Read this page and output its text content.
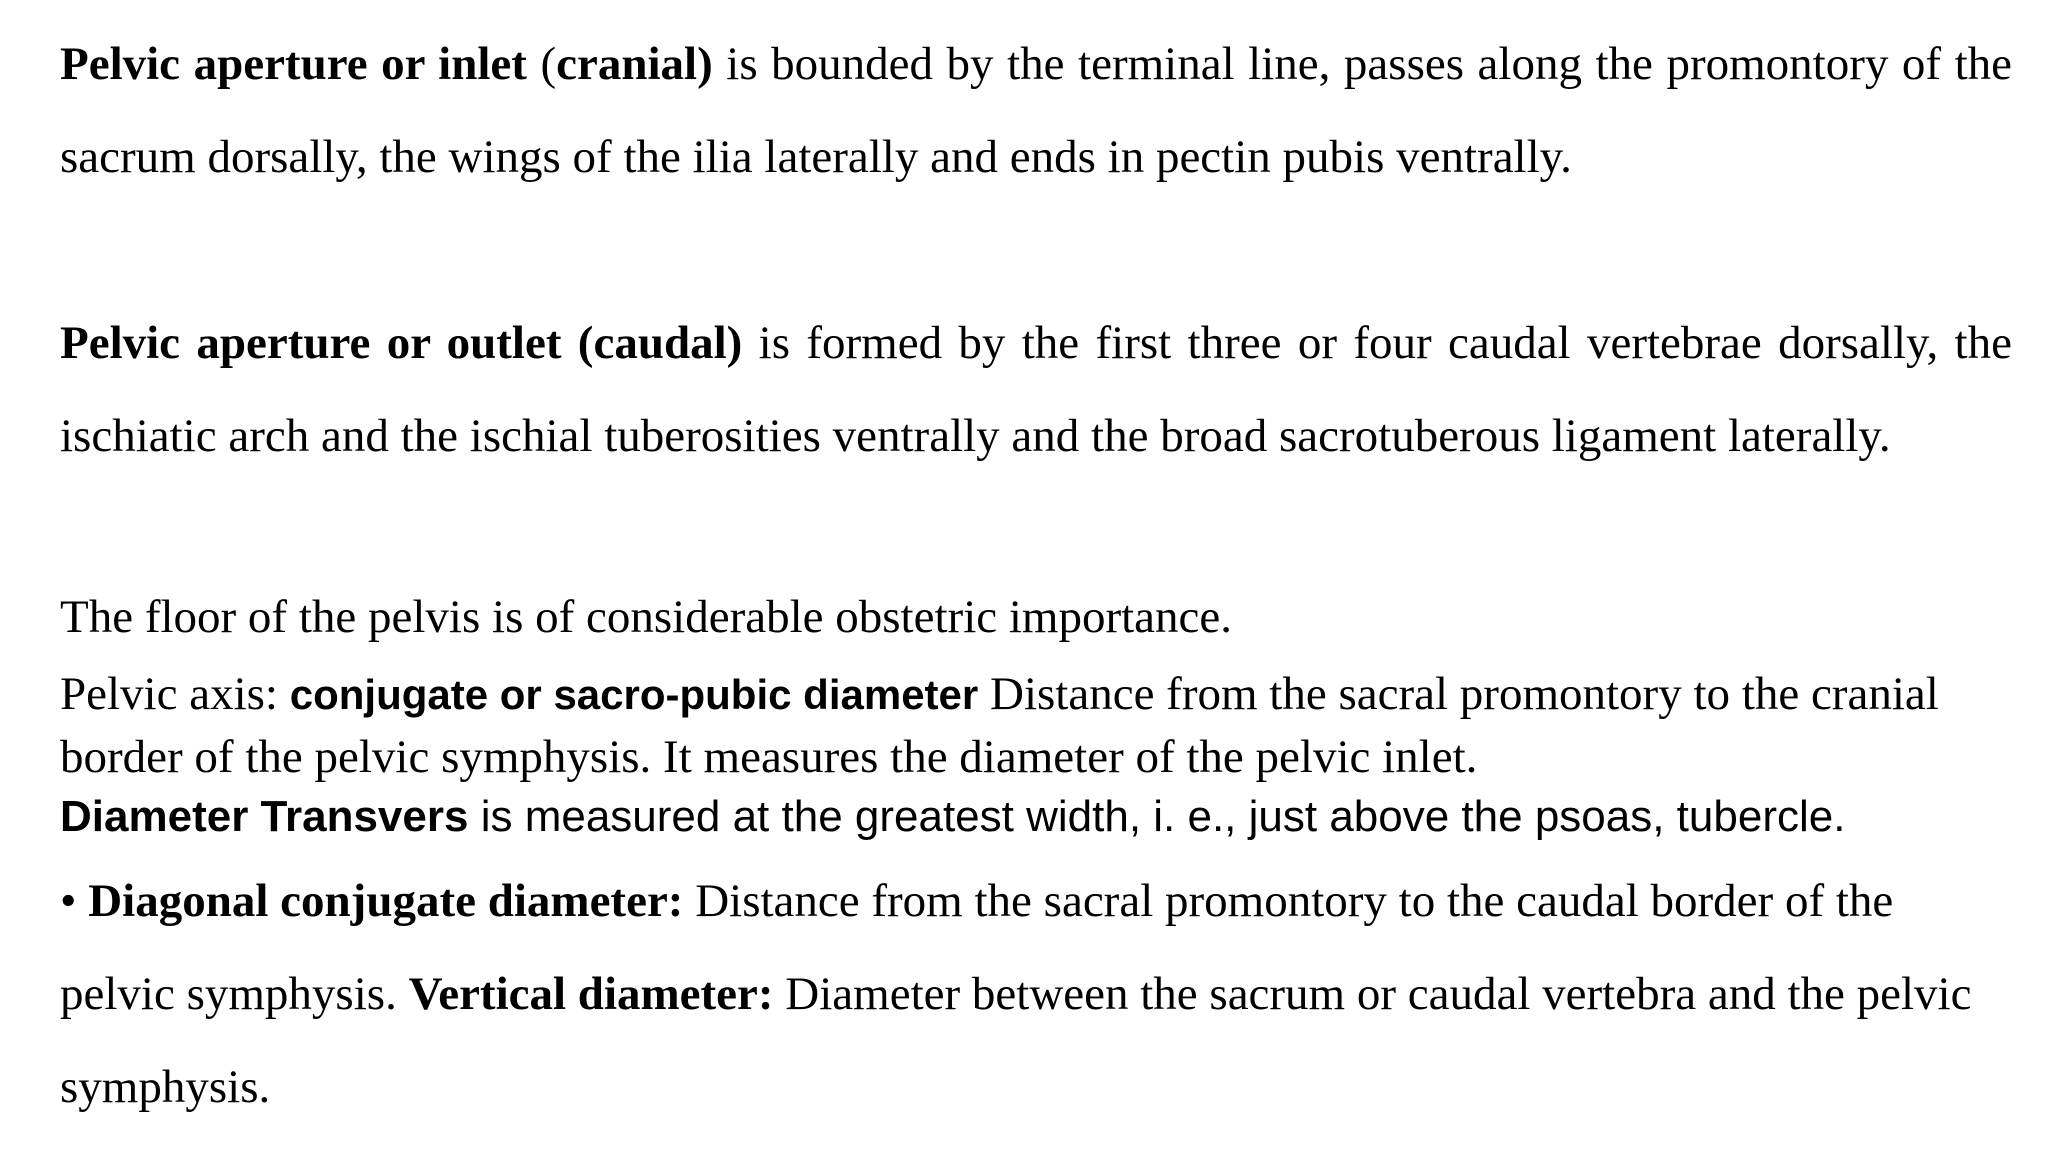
Pelvic aperture or inlet (cranial) is bounded by the terminal line, passes along the promontory of the sacrum dorsally, the wings of the ilia laterally and ends in pectin pubis ventrally.

Pelvic aperture or outlet (caudal) is formed by the first three or four caudal vertebrae dorsally, the ischiatic arch and the ischial tuberosities ventrally and the broad sacrotuberous ligament laterally.

The floor of the pelvis is of considerable obstetric importance.

Pelvic axis: conjugate or sacro-pubic diameter Distance from the sacral promontory to the cranial border of the pelvic symphysis. It measures the diameter of the pelvic inlet.

Diameter Transvers is measured at the greatest width, i. e., just above the psoas, tubercle.

• Diagonal conjugate diameter: Distance from the sacral promontory to the caudal border of the pelvic symphysis. Vertical diameter: Diameter between the sacrum or caudal vertebra and the pelvic symphysis.
